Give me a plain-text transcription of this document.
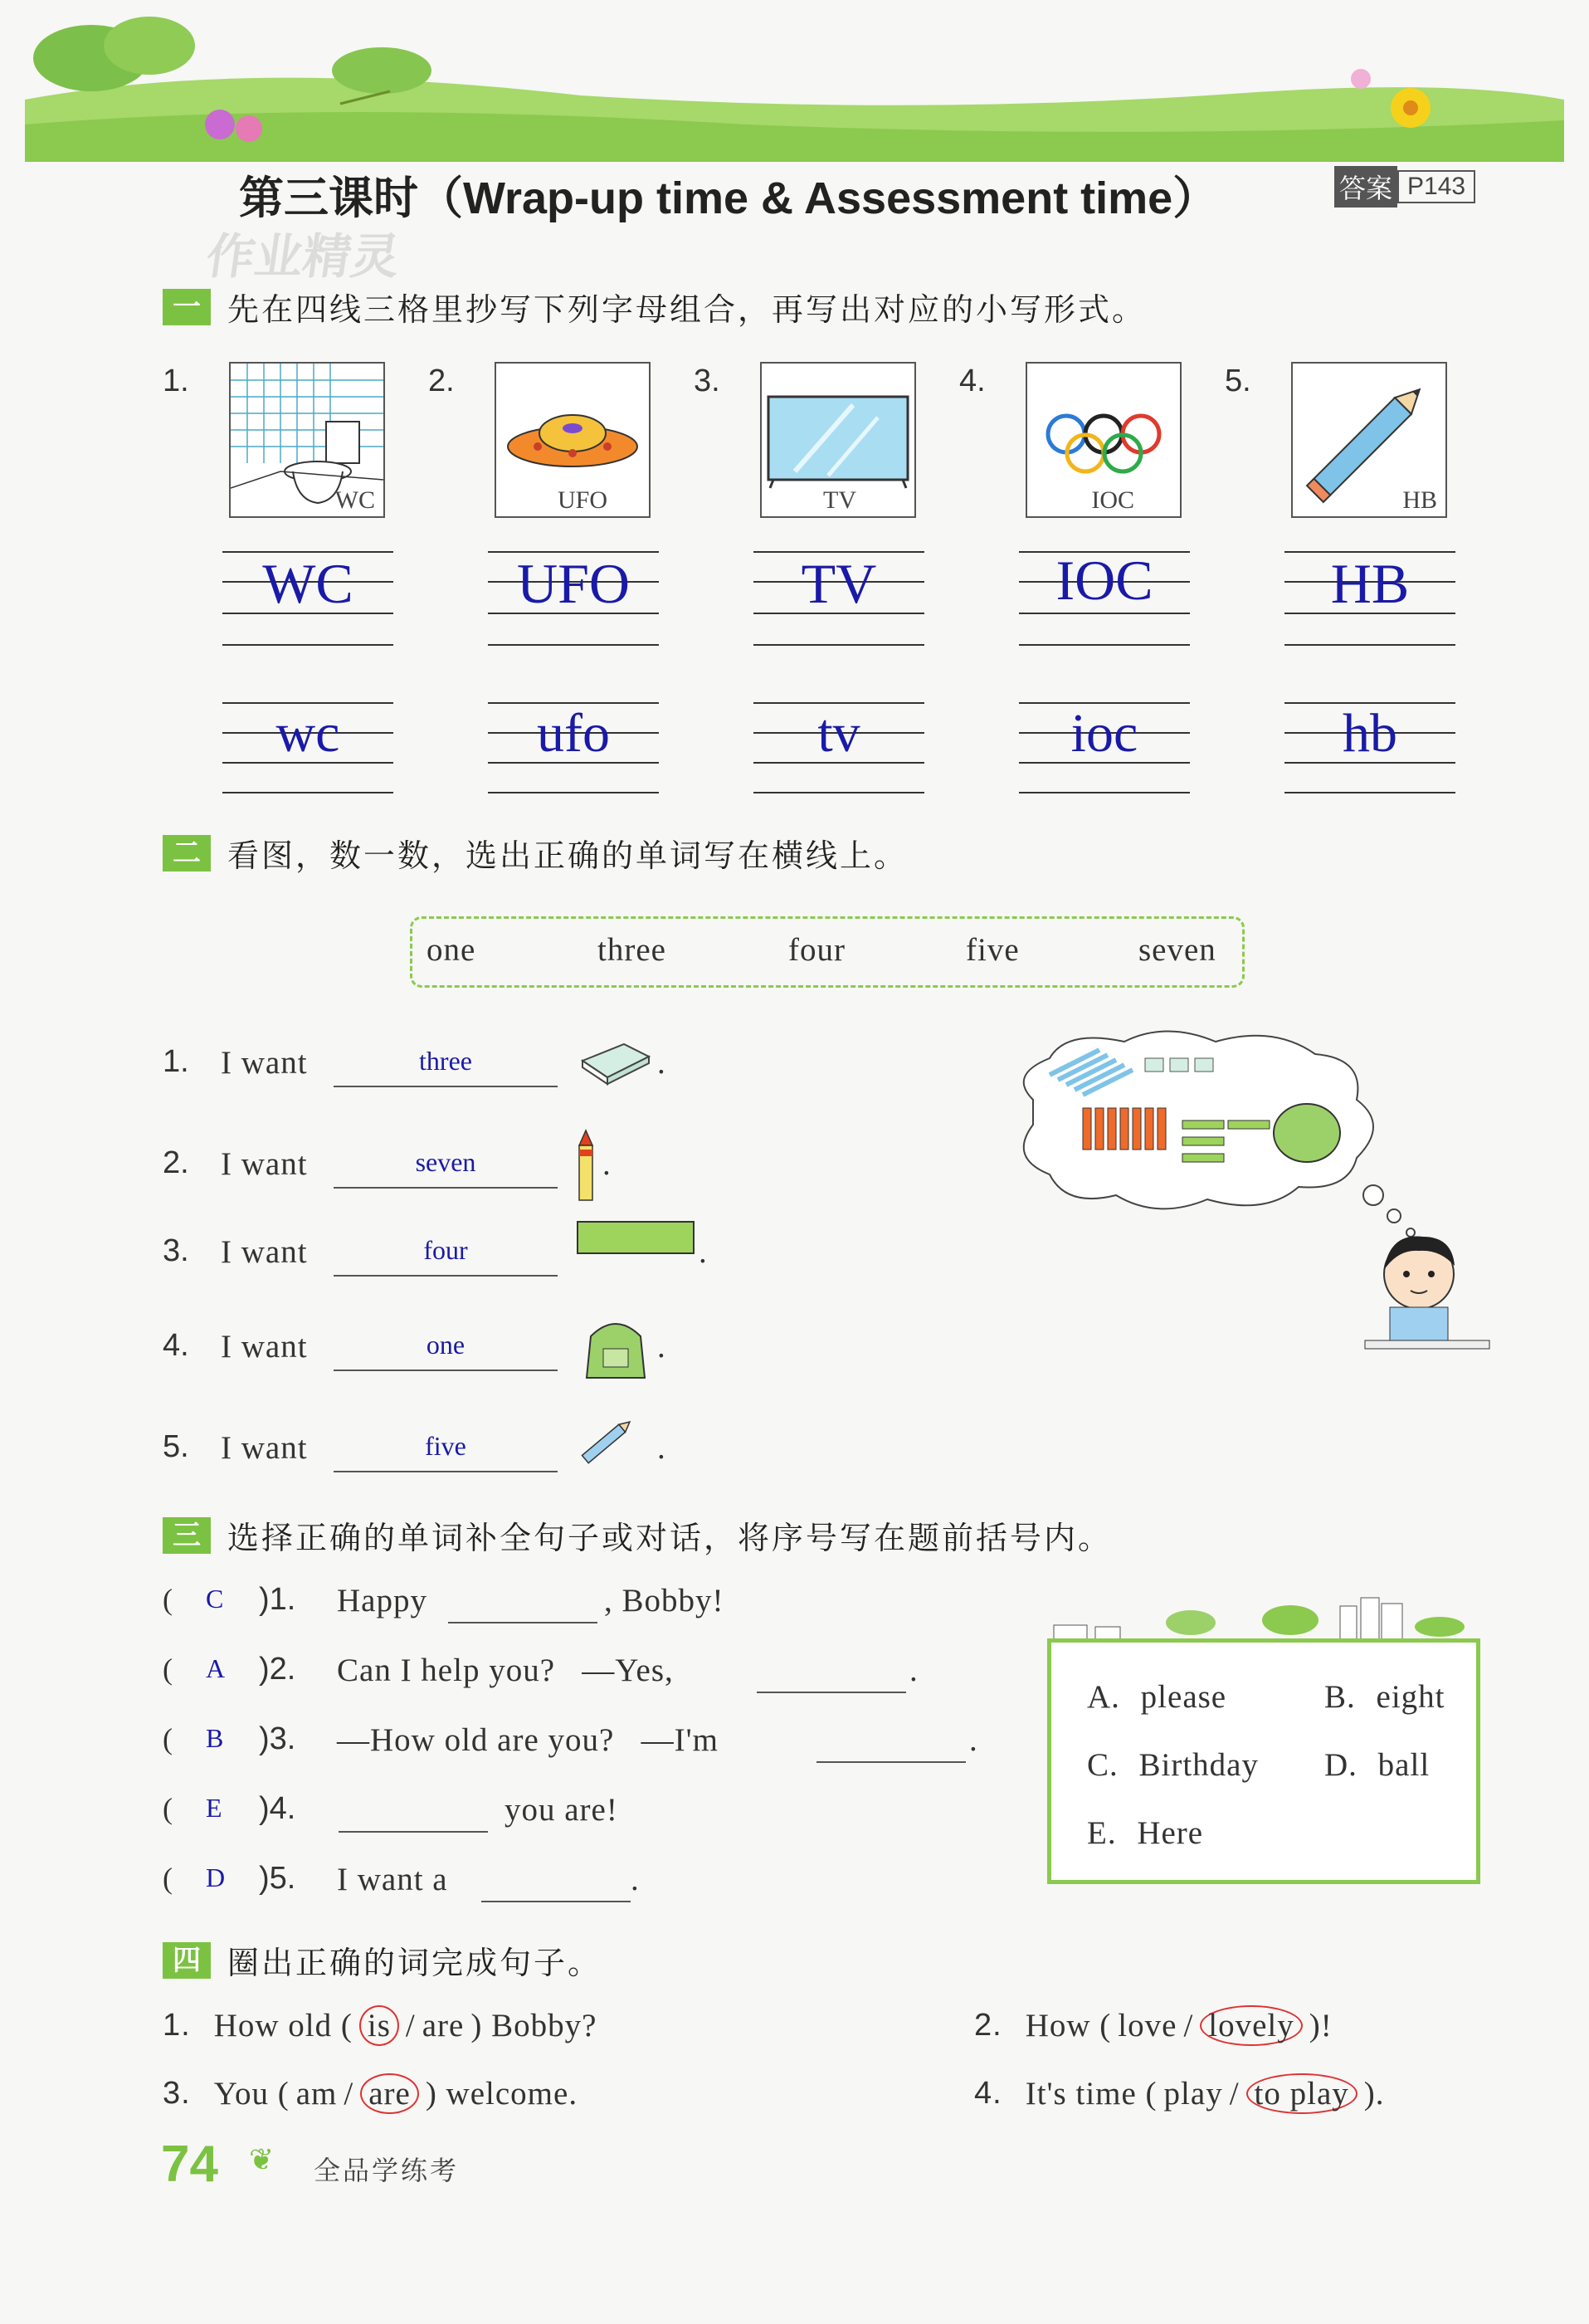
第三课时（Wrap-up time & Assessment time）	答案 P143
作业精灵
一 先在四线三格里抄写下列字母组合，再写出对应的小写形式。
1.	2.	3.	4.	5.
WC	UFO	TV	IOC	HB
WC	UFO	TV	IOC	HB
wc	ufo	tv	ioc	hb
二 看图，数一数，选出正确的单词写在横线上。
one	three	four	five	seven
1. I want	three	.
2. I want	seven	.
3. I want	four	.
4. I want	one	.
5. I want	five	.
三 选择正确的单词补全句子或对话，将序号写在题前括号内。
( C )1. Happy	, Bobby!
( A )2. Can I help you?   —Yes,	.
( B )3. —How old are you?   —I'm	.
( E )4.	you are!
( D )5. I want a	.
A. please	B. eight
C. Birthday D. ball
E. Here
四 圈出正确的词完成句子。
1. How old ( is / are ) Bobby?	2. How ( love / lovely )!
3. You ( am / are ) welcome.	4. It's time ( play / to play ).
74 ❦ 全品学练考
